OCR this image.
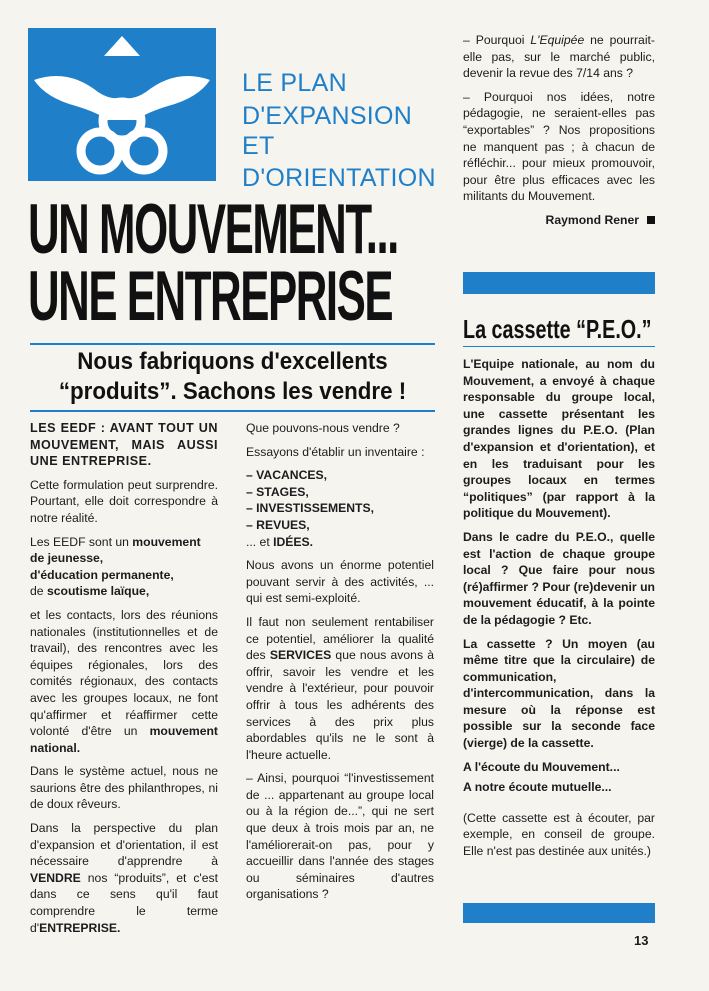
LE PLAN
D'EXPANSION
ET
D'ORIENTATION
UN MOUVEMENT...
UNE ENTREPRISE
Nous fabriquons d'excellents
“produits”. Sachons les vendre !

LES EEDF : AVANT TOUT UN MOUVEMENT, MAIS AUSSI UNE ENTREPRISE.

Cette formulation peut surprendre. Pourtant, elle doit correspondre à notre réalité.

Les EEDF sont un mouvement de jeunesse,
d'éducation permanente,
de scoutisme laïque,

et les contacts, lors des réunions nationales (institutionnelles et de travail), des rencontres avec les équipes régionales, lors des comités régionaux, des contacts avec les groupes locaux, ne font qu'affirmer et réaffirmer cette volonté d'être un mouvement national.

Dans le système actuel, nous ne saurions être des philanthropes, ni de doux rêveurs.

Dans la perspective du plan d'expansion et d'orientation, il est nécessaire d'apprendre à VENDRE nos “produits”, et c'est dans ce sens qu'il faut comprendre le terme d'ENTREPRISE.

Que pouvons-nous vendre ?

Essayons d'établir un inventaire :

– VACANCES,
– STAGES,
– INVESTISSEMENTS,
– REVUES,
... et IDÉES.

Nous avons un énorme potentiel pouvant servir à des activités, ... qui est semi-exploité.

Il faut non seulement rentabiliser ce potentiel, améliorer la qualité des SERVICES que nous avons à offrir, savoir les vendre et les vendre à l'extérieur, pour pouvoir offrir à tous les adhérents des services à des prix plus abordables qu'ils ne le sont à l'heure actuelle.

– Ainsi, pourquoi “l'investissement de ... appartenant au groupe local ou à la région de...”, qui ne sert que deux à trois mois par an, ne l'améliorerait-on pas, pour y accueillir dans l'année des stages ou séminaires d'autres organisations ?

– Pourquoi L'Equipée ne pourrait-elle pas, sur le marché public, devenir la revue des 7/14 ans ?

– Pourquoi nos idées, notre pédagogie, ne seraient-elles pas “exportables” ? Nos propositions ne manquent pas ; à chacun de réfléchir... pour mieux promouvoir, pour être plus efficaces avec les militants du Mouvement.

Raymond Rener
La cassette “P.E.O.”

L'Equipe nationale, au nom du Mouvement, a envoyé à chaque responsable du groupe local, une cassette présentant les grandes lignes du P.E.O. (Plan d'expansion et d'orientation), et en les traduisant pour les groupes locaux en termes “politiques” (par rapport à la politique du Mouvement).

Dans le cadre du P.E.O., quelle est l'action de chaque groupe local ? Que faire pour nous (ré)affirmer ? Pour (re)devenir un mouvement éducatif, à la pointe de la pédagogie ? Etc.

La cassette ? Un moyen (au même titre que la circulaire) de communication, d'intercommunication, dans la mesure où la réponse est possible sur la seconde face (vierge) de la cassette.

A l'écoute du Mouvement...

A notre écoute mutuelle...

(Cette cassette est à écouter, par exemple, en conseil de groupe. Elle n'est pas destinée aux unités.)

13
